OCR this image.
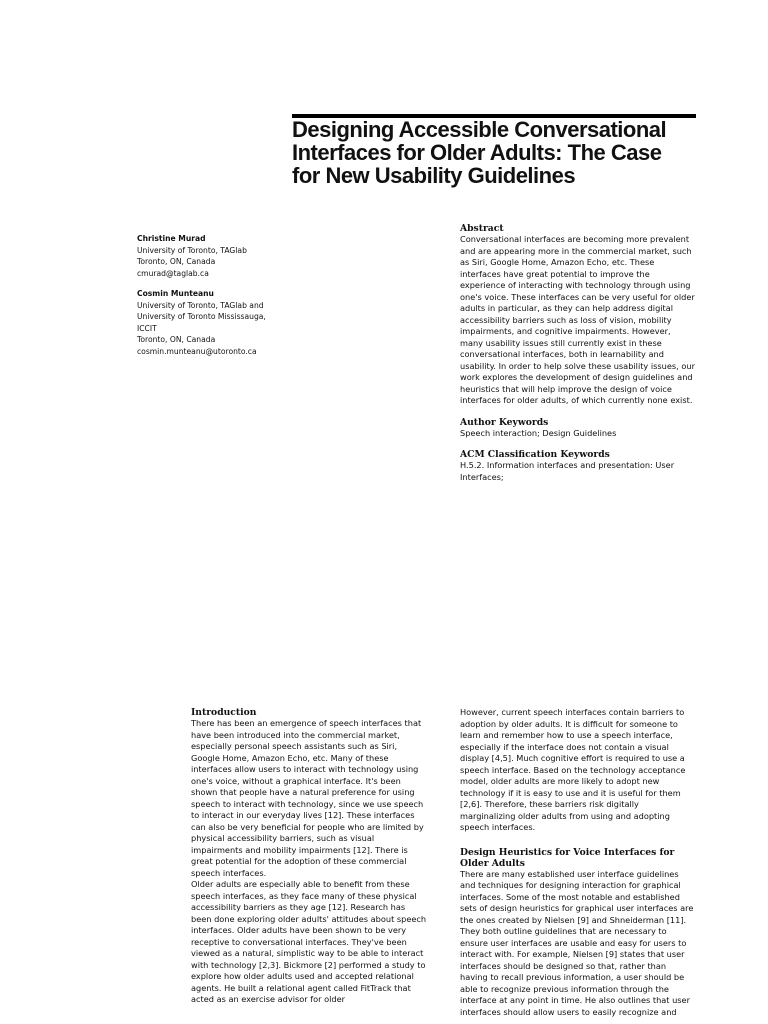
Designing Accessible Conversational Interfaces for Older Adults: The Case for New Usability Guidelines
Christine Murad
University of Toronto, TAGlab
Toronto, ON, Canada
cmurad@taglab.ca
Cosmin Munteanu
University of Toronto, TAGlab and
University of Toronto Mississauga,
ICCIT
Toronto, ON, Canada
cosmin.munteanu@utoronto.ca
Abstract

Conversational interfaces are becoming more prevalent and are appearing more in the commercial market, such as Siri, Google Home, Amazon Echo, etc. These interfaces have great potential to improve the experience of interacting with technology through using one's voice. These interfaces can be very useful for older adults in particular, as they can help address digital accessibility barriers such as loss of vision, mobility impairments, and cognitive impairments. However, many usability issues still currently exist in these conversational interfaces, both in learnability and usability. In order to help solve these usability issues, our work explores the development of design guidelines and heuristics that will help improve the design of voice interfaces for older adults, of which currently none exist.

Author Keywords

Speech interaction; Design Guidelines

ACM Classification Keywords

H.5.2. Information interfaces and presentation: User Interfaces;

Introduction

There has been an emergence of speech interfaces that have been introduced into the commercial market, especially personal speech assistants such as Siri, Google Home, Amazon Echo, etc. Many of these interfaces allow users to interact with technology using one's voice, without a graphical interface. It's been shown that people have a natural preference for using speech to interact with technology, since we use speech to interact in our everyday lives [12]. These interfaces can also be very beneficial for people who are limited by physical accessibility barriers, such as visual impairments and mobility impairments [12]. There is great potential for the adoption of these commercial speech interfaces.

Older adults are especially able to benefit from these speech interfaces, as they face many of these physical accessibility barriers as they age [12]. Research has been done exploring older adults' attitudes about speech interfaces. Older adults have been shown to be very receptive to conversational interfaces. They've been viewed as a natural, simplistic way to be able to interact with technology [2,3]. Bickmore [2] performed a study to explore how older adults used and accepted relational agents. He built a relational agent called FitTrack that acted as an exercise advisor for older

However, current speech interfaces contain barriers to adoption by older adults. It is difficult for someone to learn and remember how to use a speech interface, especially if the interface does not contain a visual display [4,5]. Much cognitive effort is required to use a speech interface. Based on the technology acceptance model, older adults are more likely to adopt new technology if it is easy to use and it is useful for them [2,6]. Therefore, these barriers risk digitally marginalizing older adults from using and adopting speech interfaces.

Design Heuristics for Voice Interfaces for Older Adults

There are many established user interface guidelines and techniques for designing interaction for graphical interfaces. Some of the most notable and established sets of design heuristics for graphical user interfaces are the ones created by Nielsen [9] and Shneiderman [11]. They both outline guidelines that are necessary to ensure user interfaces are usable and easy for users to interact with. For example, Nielsen [9] states that user interfaces should be designed so that, rather than having to recall previous information, a user should be able to recognize previous information through the interface at any point in time. He also outlines that user interfaces should allow users to easily recognize and
